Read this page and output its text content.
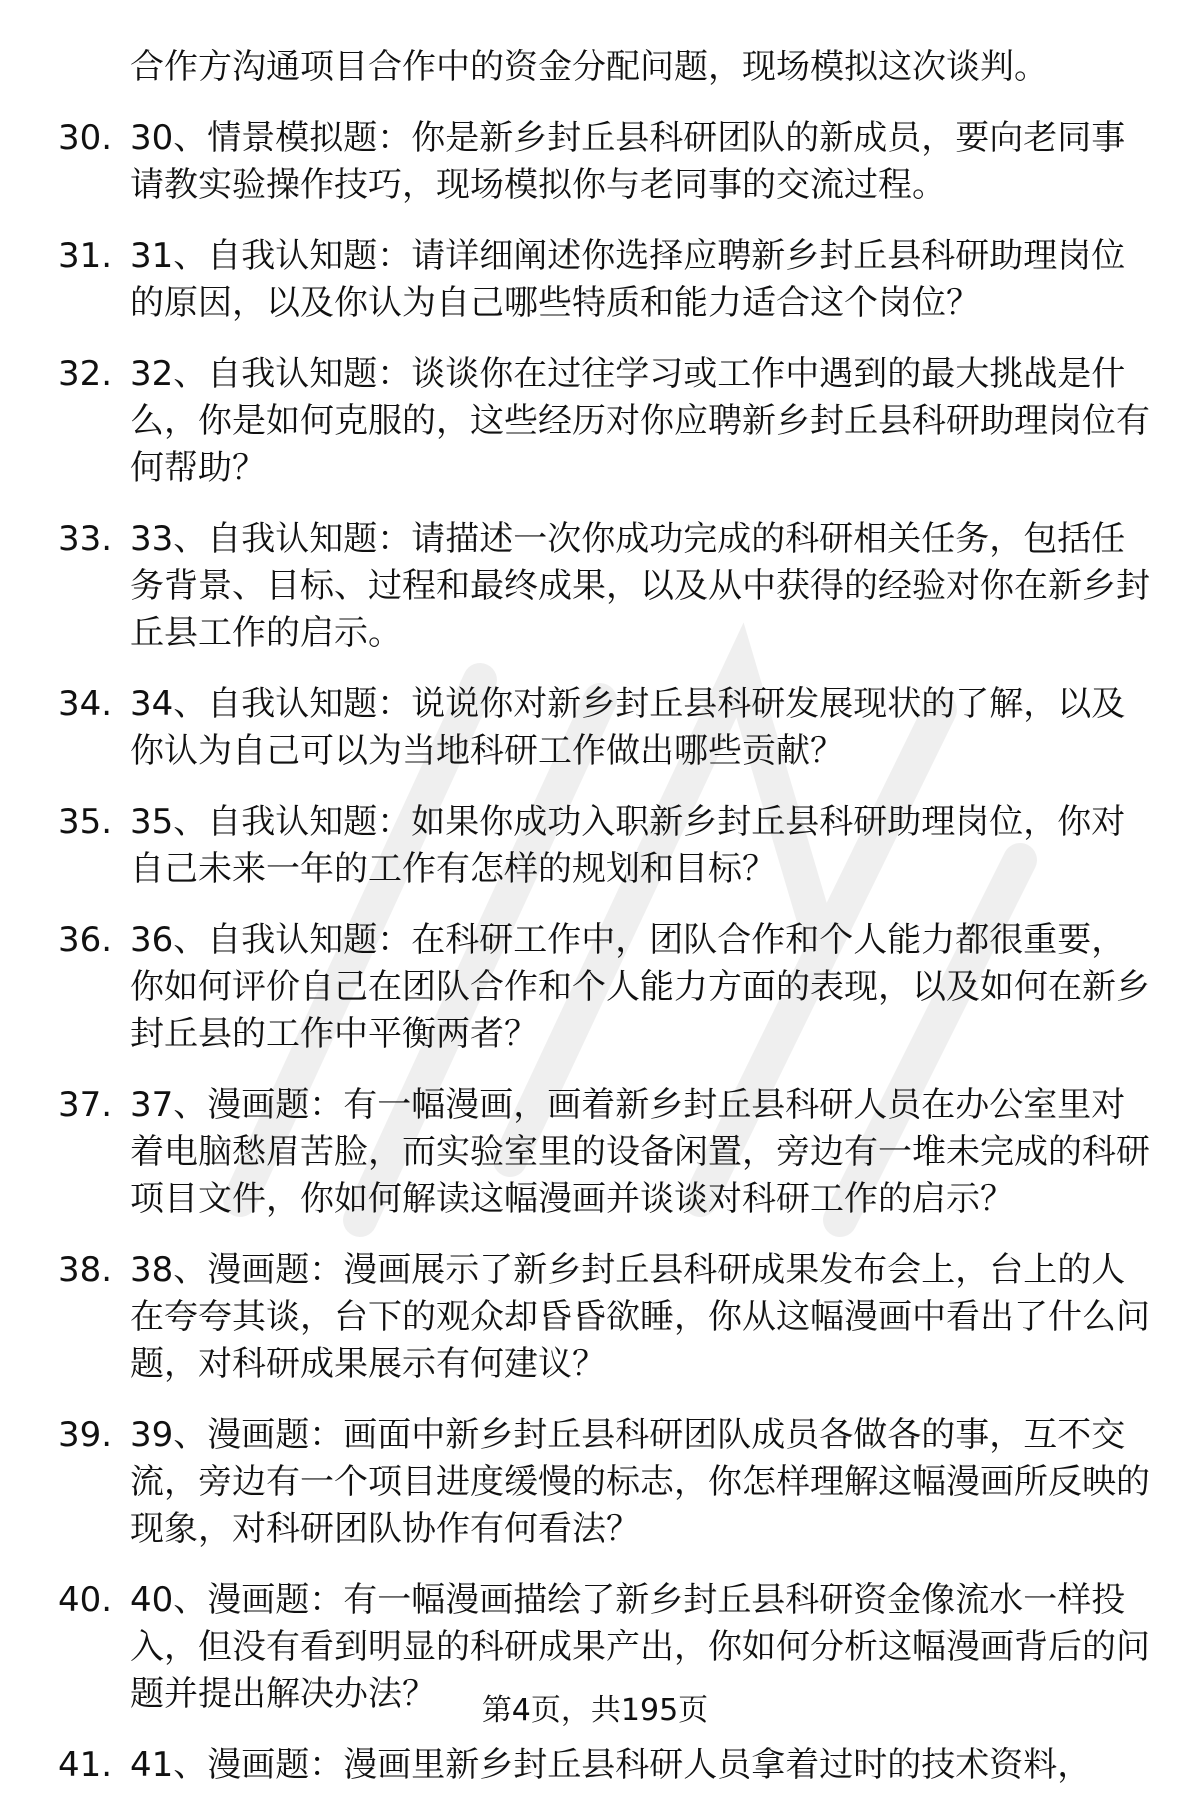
合作方沟通项目合作中的资金分配问题，现场模拟这次谈判。
30. 30、情景模拟题：你是新乡封丘县科研团队的新成员，要向老同事请教实验操作技巧，现场模拟你与老同事的交流过程。
31. 31、自我认知题：请详细阐述你选择应聘新乡封丘县科研助理岗位的原因，以及你认为自己哪些特质和能力适合这个岗位？
32. 32、自我认知题：谈谈你在过往学习或工作中遇到的最大挑战是什么，你是如何克服的，这些经历对你应聘新乡封丘县科研助理岗位有何帮助？
33. 33、自我认知题：请描述一次你成功完成的科研相关任务，包括任务背景、目标、过程和最终成果，以及从中获得的经验对你在新乡封丘县工作的启示。
34. 34、自我认知题：说说你对新乡封丘县科研发展现状的了解，以及你认为自己可以为当地科研工作做出哪些贡献？
35. 35、自我认知题：如果你成功入职新乡封丘县科研助理岗位，你对自己未来一年的工作有怎样的规划和目标？
36. 36、自我认知题：在科研工作中，团队合作和个人能力都很重要，你如何评价自己在团队合作和个人能力方面的表现，以及如何在新乡封丘县的工作中平衡两者？
37. 37、漫画题：有一幅漫画，画着新乡封丘县科研人员在办公室里对着电脑愁眉苦脸，而实验室里的设备闲置，旁边有一堆未完成的科研项目文件，你如何解读这幅漫画并谈谈对科研工作的启示？
38. 38、漫画题：漫画展示了新乡封丘县科研成果发布会上，台上的人在夸夸其谈，台下的观众却昏昏欲睡，你从这幅漫画中看出了什么问题，对科研成果展示有何建议？
39. 39、漫画题：画面中新乡封丘县科研团队成员各做各的事，互不交流，旁边有一个项目进度缓慢的标志，你怎样理解这幅漫画所反映的现象，对科研团队协作有何看法？
40. 40、漫画题：有一幅漫画描绘了新乡封丘县科研资金像流水一样投入，但没有看到明显的科研成果产出，你如何分析这幅漫画背后的问题并提出解决办法？
41. 41、漫画题：漫画里新乡封丘县科研人员拿着过时的技术资料，
第4页，共195页
